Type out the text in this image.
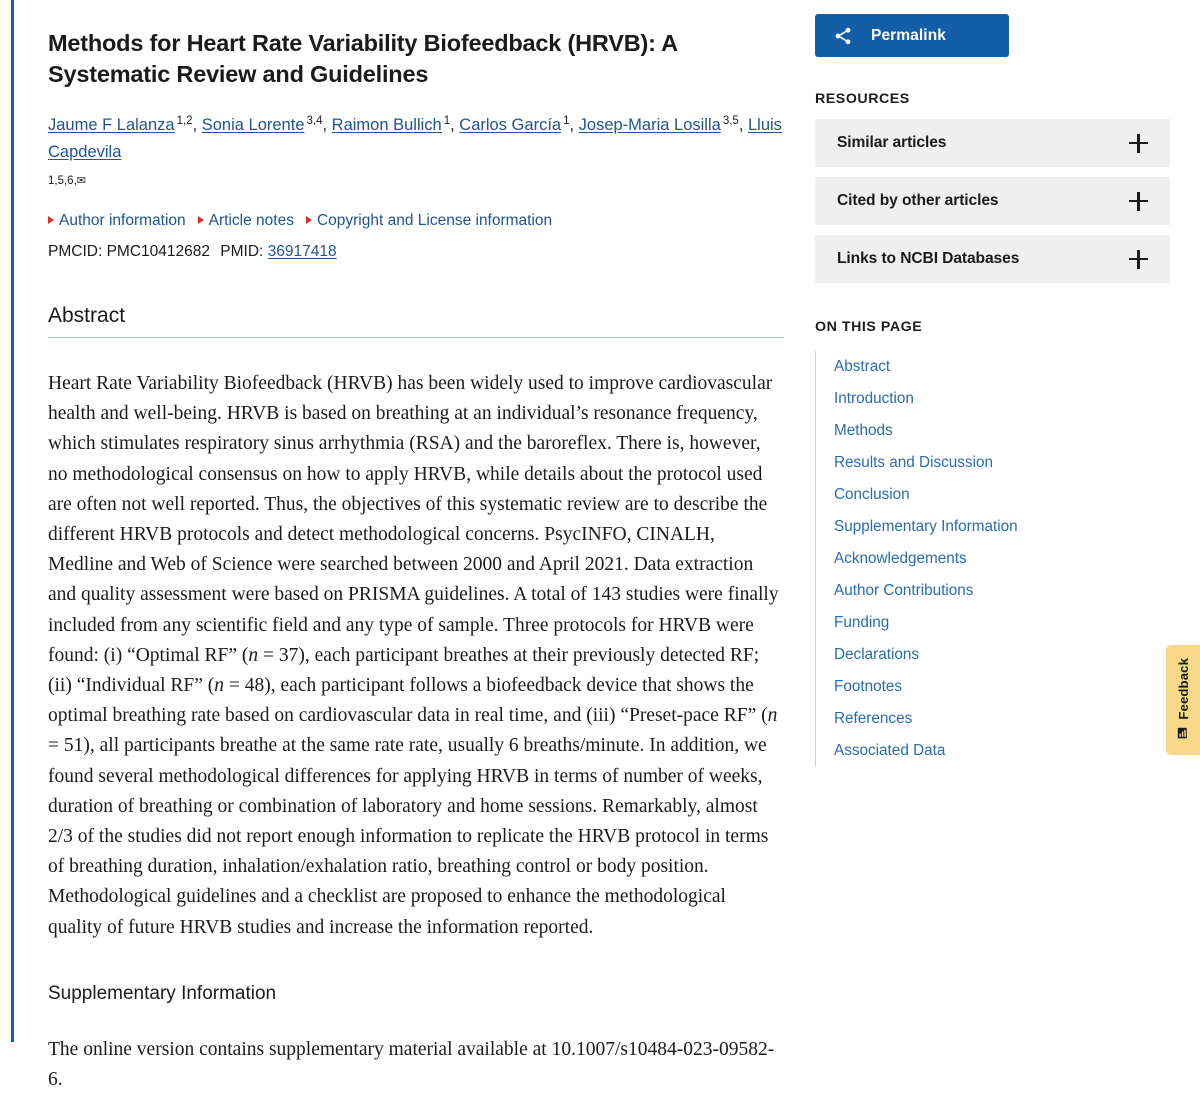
Methods for Heart Rate Variability Biofeedback (HRVB): A Systematic Review and Guidelines
Jaume F Lalanza $^{1,2}$, Sonia Lorente $^{3,4}$, Raimon Bullich $^1$, Carlos García $^1$, Josep-Maria Losilla $^{3,5}$, Lluis Capdevila
1,5,6,✉
Author information Article notes Copyright and License information
PMCID: PMC10412682 PMID: 36917418
Abstract

Heart Rate Variability Biofeedback (HRVB) has been widely used to improve cardiovascular health and well-being. HRVB is based on breathing at an individual’s resonance frequency, which stimulates respiratory sinus arrhythmia (RSA) and the baroreflex. There is, however, no methodological consensus on how to apply HRVB, while details about the protocol used are often not well reported. Thus, the objectives of this systematic review are to describe the different HRVB protocols and detect methodological concerns. PsycINFO, CINALH, Medline and Web of Science were searched between 2000 and April 2021. Data extraction and quality assessment were based on PRISMA guidelines. A total of 143 studies were finally included from any scientific field and any type of sample. Three protocols for HRVB were found: (i) “Optimal RF” (n = 37), each participant breathes at their previously detected RF; (ii) “Individual RF” (n = 48), each participant follows a biofeedback device that shows the optimal breathing rate based on cardiovascular data in real time, and (iii) “Preset-pace RF” (n = 51), all participants breathe at the same rate rate, usually 6 breaths/minute. In addition, we found several methodological differences for applying HRVB in terms of number of weeks, duration of breathing or combination of laboratory and home sessions. Remarkably, almost 2/3 of the studies did not report enough information to replicate the HRVB protocol in terms of breathing duration, inhalation/exhalation ratio, breathing control or body position. Methodological guidelines and a checklist are proposed to enhance the methodological quality of future HRVB studies and increase the information reported.

Supplementary Information

The online version contains supplementary material available at 10.1007/s10484-023-09582-6.

Permalink
RESOURCES
Similar articles
Cited by other articles
Links to NCBI Databases
ON THIS PAGE
Abstract
Introduction
Methods
Results and Discussion
Conclusion
Supplementary Information
Acknowledgements
Author Contributions
Funding
Declarations
Footnotes
References
Associated Data
Feedback
